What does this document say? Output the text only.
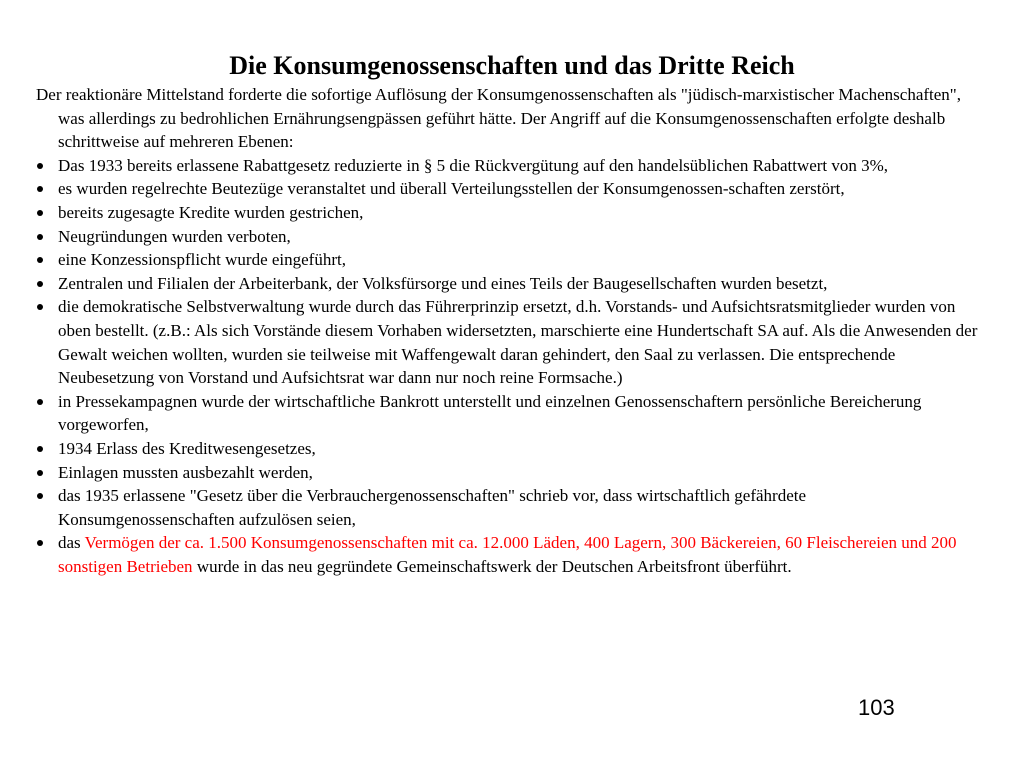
Die Konsumgenossenschaften und das Dritte Reich

Der reaktionäre Mittelstand forderte die sofortige Auflösung der Konsumgenossenschaften als "jüdisch-marxistischer Machenschaften", was allerdings zu bedrohlichen Ernährungsengpässen geführt hätte. Der Angriff auf die Konsumgenossenschaften erfolgte deshalb schrittweise auf mehreren Ebenen:

Das 1933 bereits erlassene Rabattgesetz reduzierte in § 5 die Rückvergütung auf den handelsüblichen Rabattwert von 3%,
es wurden regelrechte Beutezüge veranstaltet und überall Verteilungsstellen der Konsumgenossen-schaften zerstört,
bereits zugesagte Kredite wurden gestrichen,
Neugründungen wurden verboten,
eine Konzessionspflicht wurde eingeführt,
Zentralen und Filialen der Arbeiterbank, der Volksfürsorge und eines Teils der Baugesellschaften wurden besetzt,
die demokratische Selbstverwaltung wurde durch das Führerprinzip ersetzt, d.h. Vorstands- und Aufsichtsratsmitglieder wurden von oben bestellt. (z.B.: Als sich Vorstände diesem Vorhaben widersetzten, marschierte eine Hundertschaft SA auf. Als die Anwesenden der Gewalt weichen wollten, wurden sie teilweise mit Waffengewalt daran gehindert, den Saal zu verlassen. Die entsprechende Neubesetzung von Vorstand und Aufsichtsrat war dann nur noch reine Formsache.)
in Pressekampagnen wurde der wirtschaftliche Bankrott unterstellt und einzelnen Genossenschaftern persönliche Bereicherung vorgeworfen,
1934 Erlass des Kreditwesengesetzes,
Einlagen mussten ausbezahlt werden,
das 1935 erlassene "Gesetz über die Verbrauchergenossenschaften" schrieb vor, dass wirtschaftlich gefährdete Konsumgenossenschaften aufzulösen seien,
das Vermögen der ca. 1.500 Konsumgenossenschaften mit ca. 12.000 Läden, 400 Lagern, 300 Bäckereien, 60 Fleischereien und 200 sonstigen Betrieben wurde in das neu gegründete Gemeinschaftswerk der Deutschen Arbeitsfront überführt.
103
